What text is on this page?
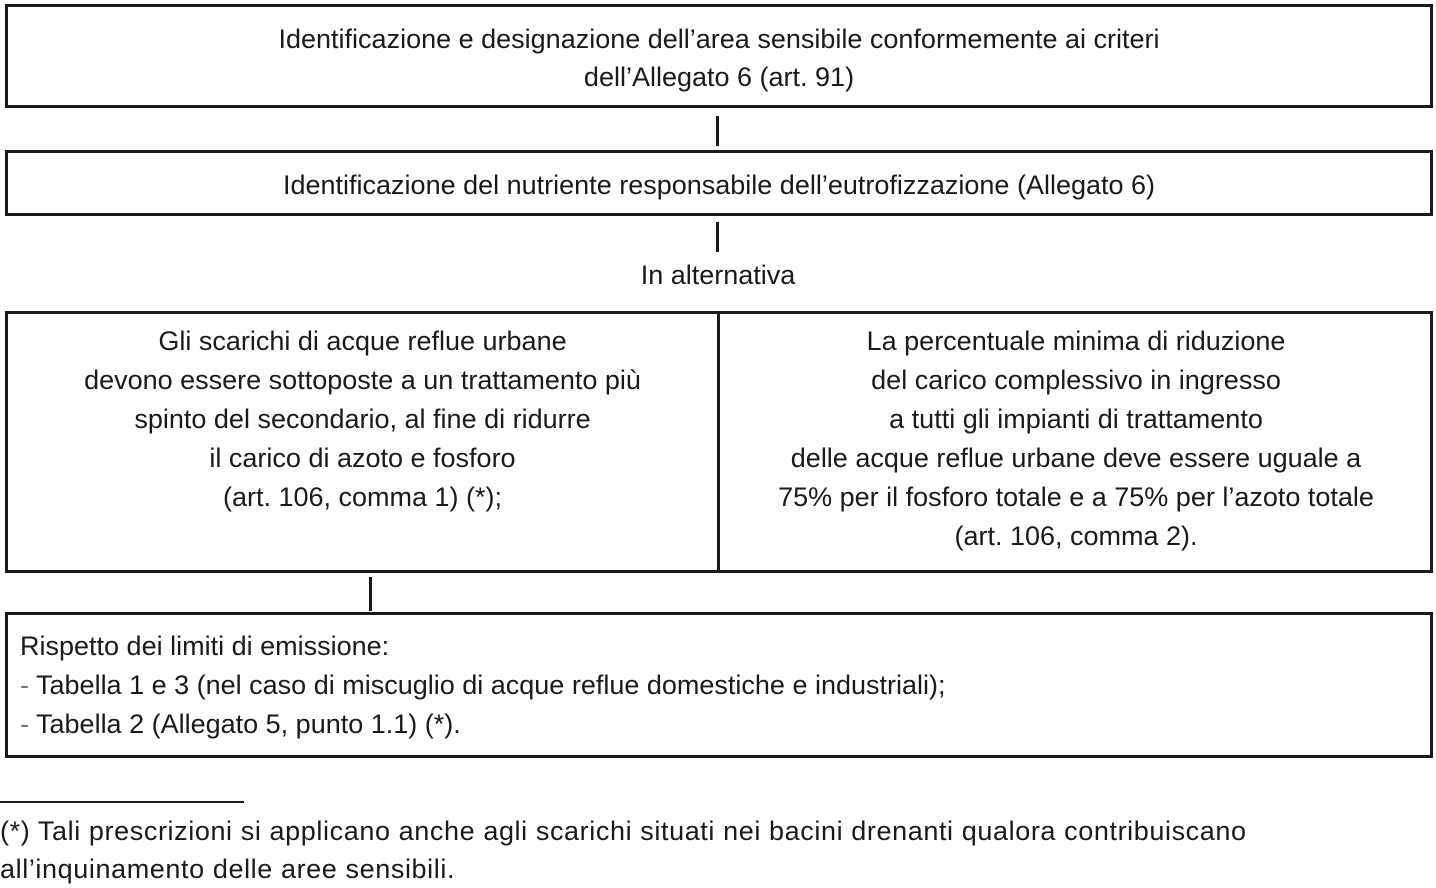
Identificazione e designazione dell’area sensibile conformemente ai criteri
dell’Allegato 6 (art. 91)
Identificazione del nutriente responsabile dell’eutrofizzazione (Allegato 6)
In alternativa
Gli scarichi di acque reflue urbane
devono essere sottoposte a un trattamento più
spinto del secondario, al fine di ridurre
il carico di azoto e fosforo
(art. 106, comma 1) (*);
La percentuale minima di riduzione
del carico complessivo in ingresso
a tutti gli impianti di trattamento
delle acque reflue urbane deve essere uguale a
75% per il fosforo totale e a 75% per l’azoto totale
(art. 106, comma 2).
Rispetto dei limiti di emissione:
- Tabella 1 e 3 (nel caso di miscuglio di acque reflue domestiche e industriali);
- Tabella 2 (Allegato 5, punto 1.1) (*).
(*) Tali prescrizioni si applicano anche agli scarichi situati nei bacini drenanti qualora contribuiscano
all’inquinamento delle aree sensibili.
